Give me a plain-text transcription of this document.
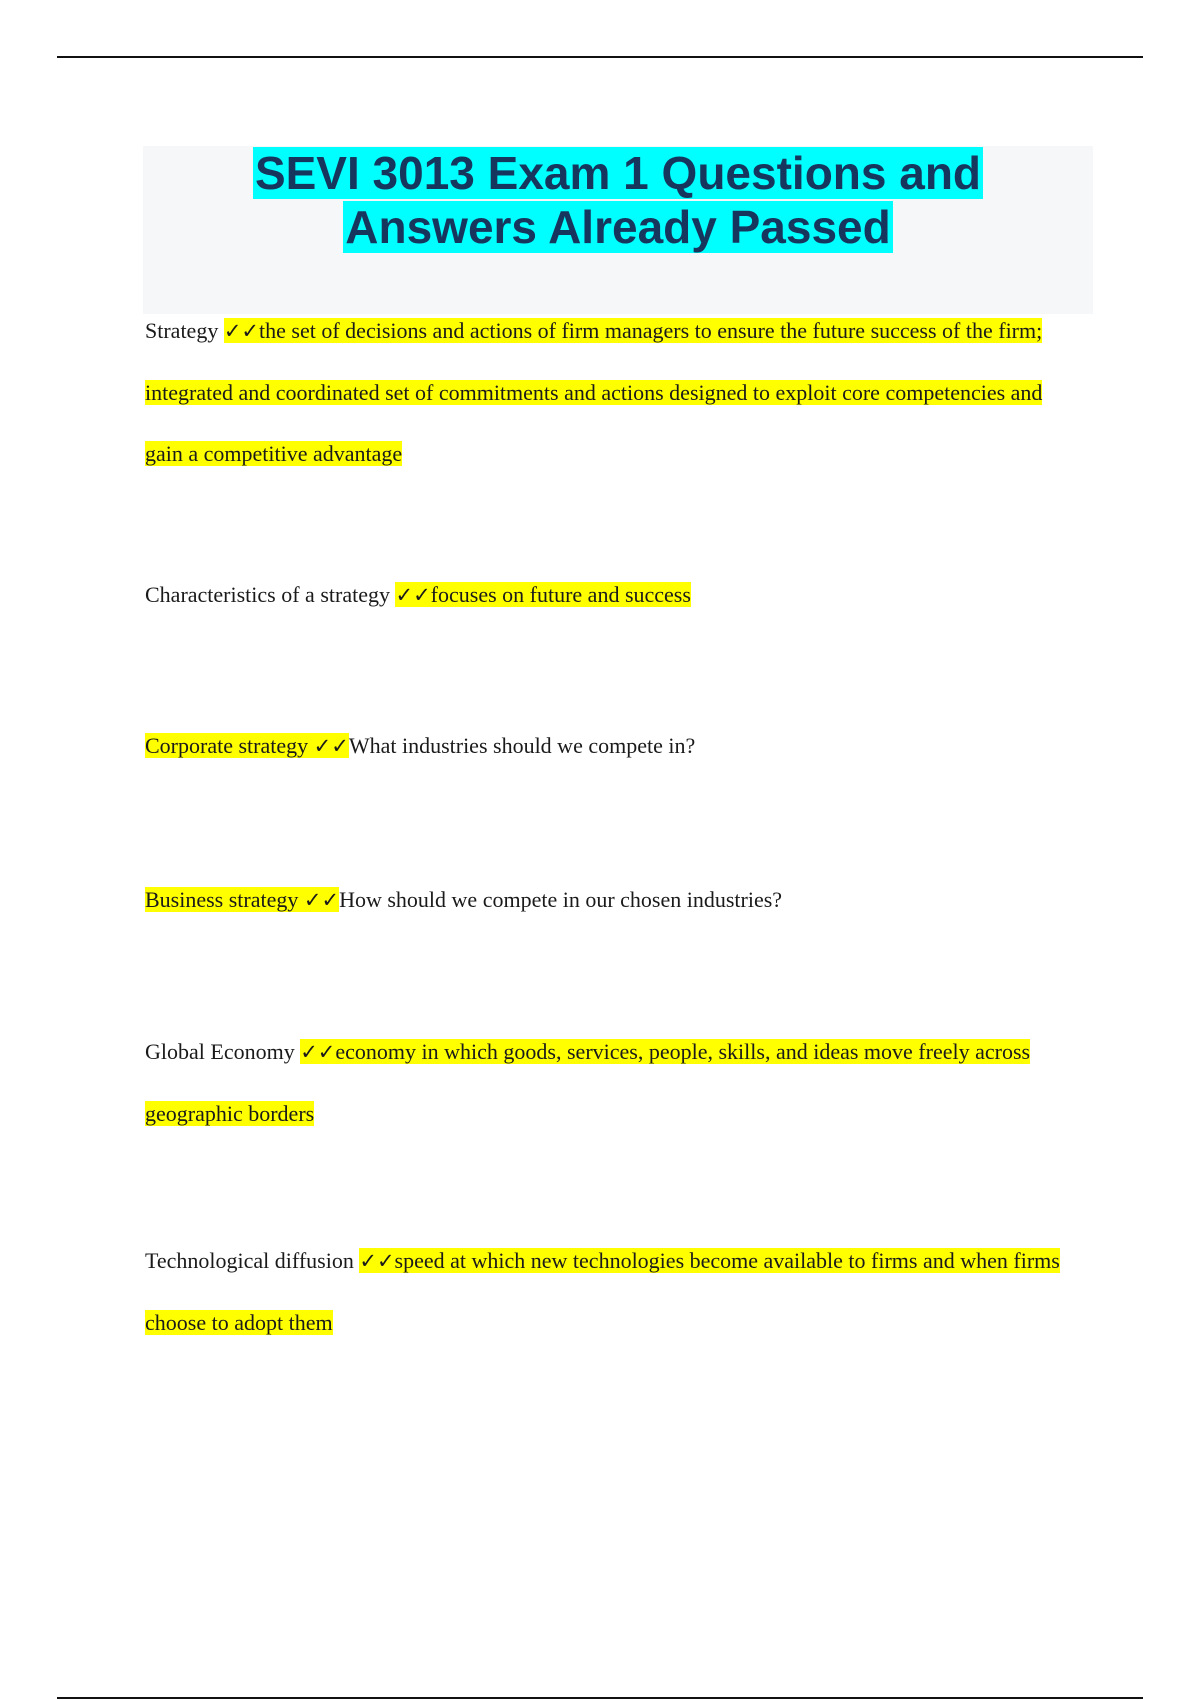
SEVI 3013 Exam 1 Questions and
Answers Already Passed

Strategy ✓✓the set of decisions and actions of firm managers to ensure the future success of the firm; integrated and coordinated set of commitments and actions designed to exploit core competencies and gain a competitive advantage

Characteristics of a strategy ✓✓focuses on future and success

Corporate strategy ✓✓What industries should we compete in?

Business strategy ✓✓How should we compete in our chosen industries?

Global Economy ✓✓economy in which goods, services, people, skills, and ideas move freely across geographic borders

Technological diffusion ✓✓speed at which new technologies become available to firms and when firms choose to adopt them
